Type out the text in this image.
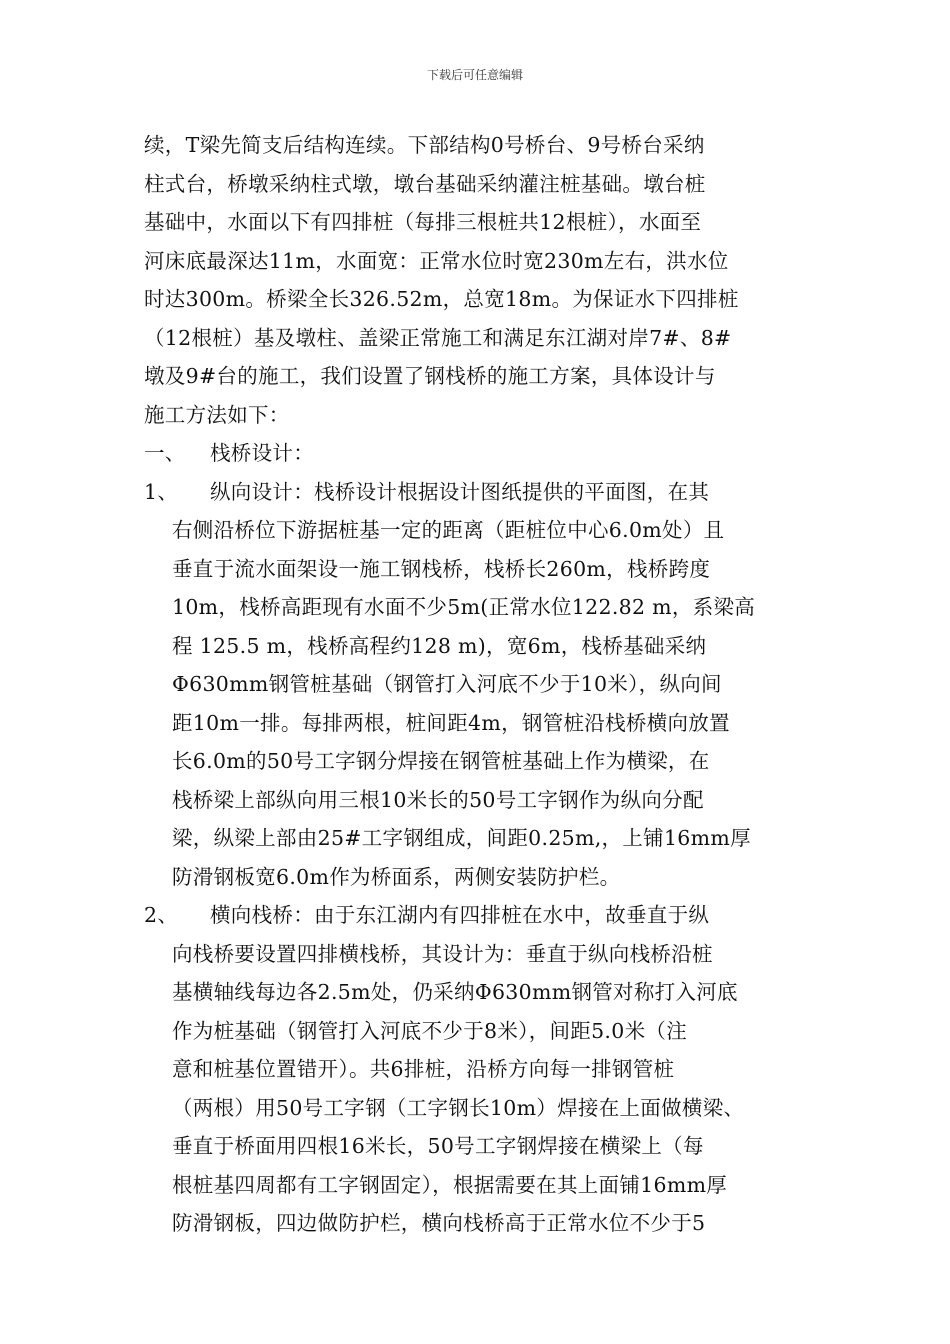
下载后可任意编辑
续，T梁先简支后结构连续。下部结构0号桥台、9号桥台采纳
柱式台，桥墩采纳柱式墩，墩台基础采纳灌注桩基础。墩台桩
基础中，水面以下有四排桩（每排三根桩共12根桩），水面至
河床底最深达11m，水面宽：正常水位时宽230m左右，洪水位
时达300m。桥梁全长326.52m，总宽18m。为保证水下四排桩
（12根桩）基及墩柱、盖梁正常施工和满足东江湖对岸7#、8#
墩及9#台的施工，我们设置了钢栈桥的施工方案，具体设计与
施工方法如下：
一、 栈桥设计：
1、 纵向设计：栈桥设计根据设计图纸提供的平面图，在其
右侧沿桥位下游据桩基一定的距离（距桩位中心6.0m处）且
垂直于流水面架设一施工钢栈桥，栈桥长260m，栈桥跨度
10m，栈桥高距现有水面不少5m(正常水位122.82 m，系梁高
程 125.5 m，栈桥高程约128 m)，宽6m，栈桥基础采纳
Φ630mm钢管桩基础（钢管打入河底不少于10米），纵向间
距10m一排。每排两根，桩间距4m，钢管桩沿栈桥横向放置
长6.0m的50号工字钢分焊接在钢管桩基础上作为横梁，在
栈桥梁上部纵向用三根10米长的50号工字钢作为纵向分配
梁，纵梁上部由25#工字钢组成，间距0.25m,，上铺16mm厚
防滑钢板宽6.0m作为桥面系，两侧安装防护栏。
2、 横向栈桥：由于东江湖内有四排桩在水中，故垂直于纵
向栈桥要设置四排横栈桥，其设计为：垂直于纵向栈桥沿桩
基横轴线每边各2.5m处，仍采纳Φ630mm钢管对称打入河底
作为桩基础（钢管打入河底不少于8米），间距5.0米（注
意和桩基位置错开）。共6排桩，沿桥方向每一排钢管桩
（两根）用50号工字钢（工字钢长10m）焊接在上面做横梁、
垂直于桥面用四根16米长，50号工字钢焊接在横梁上（每
根桩基四周都有工字钢固定），根据需要在其上面铺16mm厚
防滑钢板，四边做防护栏，横向栈桥高于正常水位不少于5
